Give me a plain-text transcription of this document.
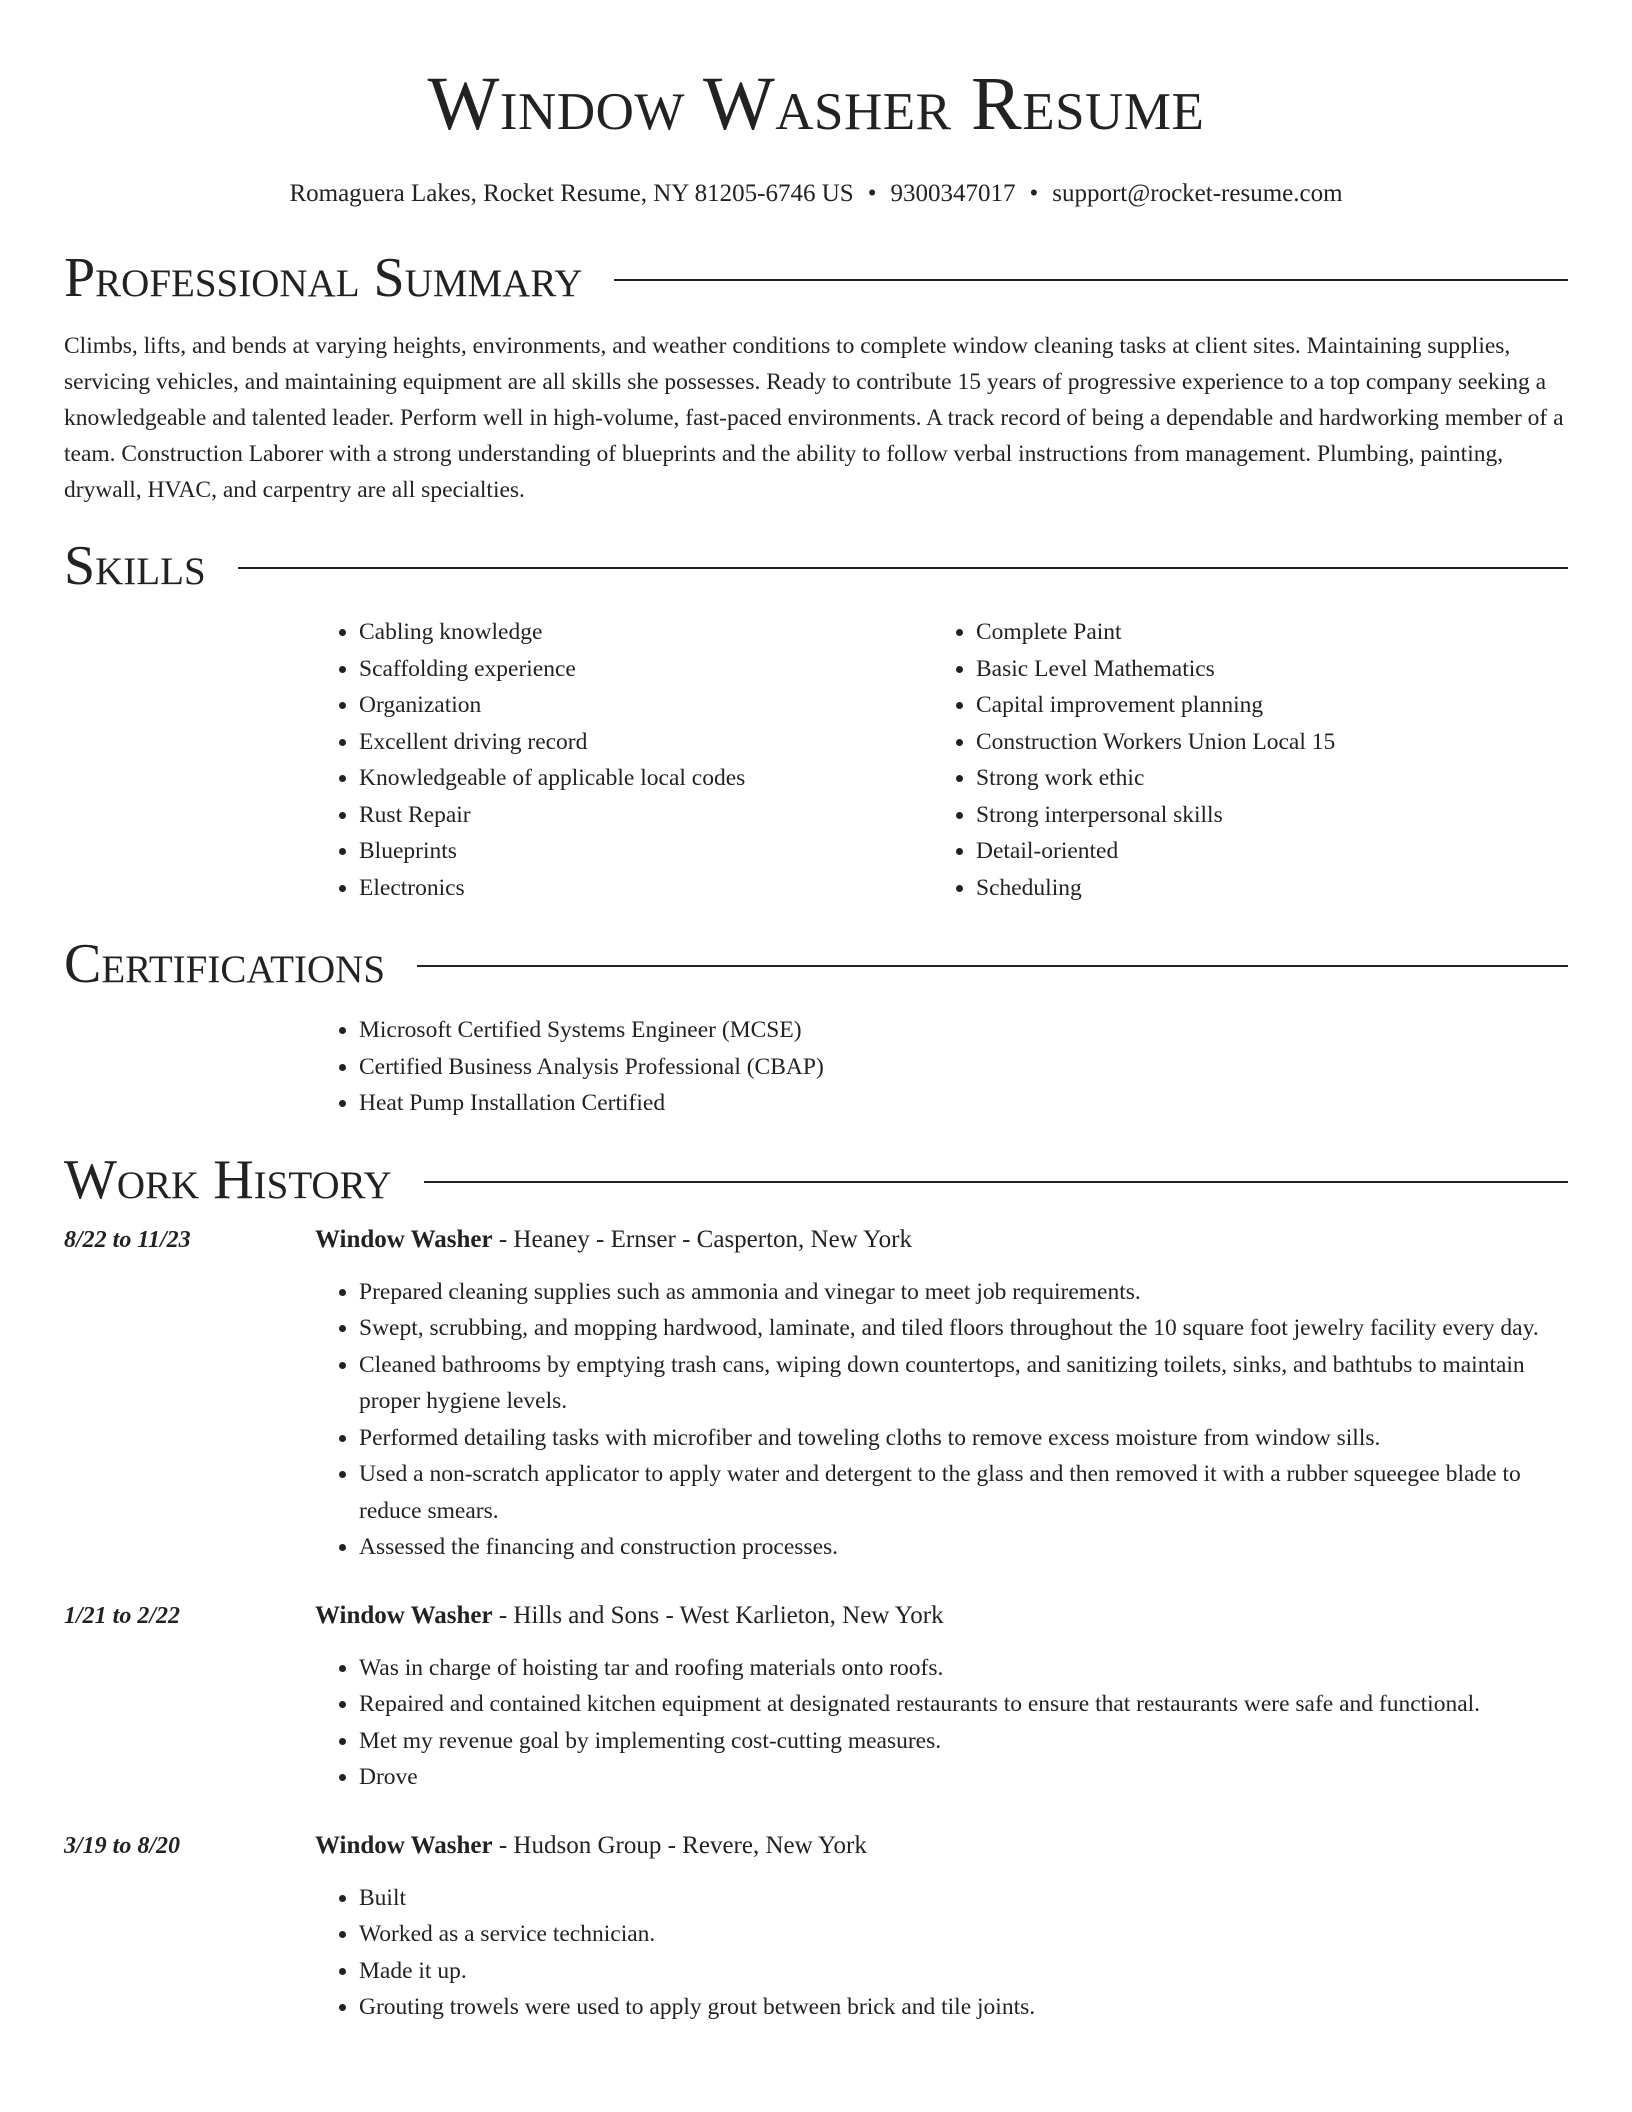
Window Washer Resume
Romaguera Lakes, Rocket Resume, NY 81205-6746 US • 9300347017 • support@rocket-resume.com
Professional Summary

Climbs, lifts, and bends at varying heights, environments, and weather conditions to complete window cleaning tasks at client sites. Maintaining supplies, servicing vehicles, and maintaining equipment are all skills she possesses. Ready to contribute 15 years of progressive experience to a top company seeking a knowledgeable and talented leader. Perform well in high-volume, fast-paced environments. A track record of being a dependable and hardworking member of a team. Construction Laborer with a strong understanding of blueprints and the ability to follow verbal instructions from management. Plumbing, painting, drywall, HVAC, and carpentry are all specialties.

Skills
• Cabling knowledge
• Scaffolding experience
• Organization
• Excellent driving record
• Knowledgeable of applicable local codes
• Rust Repair
• Blueprints
• Electronics
• Complete Paint
• Basic Level Mathematics
• Capital improvement planning
• Construction Workers Union Local 15
• Strong work ethic
• Strong interpersonal skills
• Detail-oriented
• Scheduling
Certifications
• Microsoft Certified Systems Engineer (MCSE)
• Certified Business Analysis Professional (CBAP)
• Heat Pump Installation Certified
Work History
8/22 to 11/23	Window Washer - Heaney - Ernser - Casperton, New York
• Prepared cleaning supplies such as ammonia and vinegar to meet job requirements.
• Swept, scrubbing, and mopping hardwood, laminate, and tiled floors throughout the 10 square foot jewelry facility every day.
• Cleaned bathrooms by emptying trash cans, wiping down countertops, and sanitizing toilets, sinks, and bathtubs to maintain proper hygiene levels.
• Performed detailing tasks with microfiber and toweling cloths to remove excess moisture from window sills.
• Used a non-scratch applicator to apply water and detergent to the glass and then removed it with a rubber squeegee blade to reduce smears.
• Assessed the financing and construction processes.
1/21 to 2/22	Window Washer - Hills and Sons - West Karlieton, New York
• Was in charge of hoisting tar and roofing materials onto roofs.
• Repaired and contained kitchen equipment at designated restaurants to ensure that restaurants were safe and functional.
• Met my revenue goal by implementing cost-cutting measures.
• Drove
3/19 to 8/20	Window Washer - Hudson Group - Revere, New York
• Built
• Worked as a service technician.
• Made it up.
• Grouting trowels were used to apply grout between brick and tile joints.
